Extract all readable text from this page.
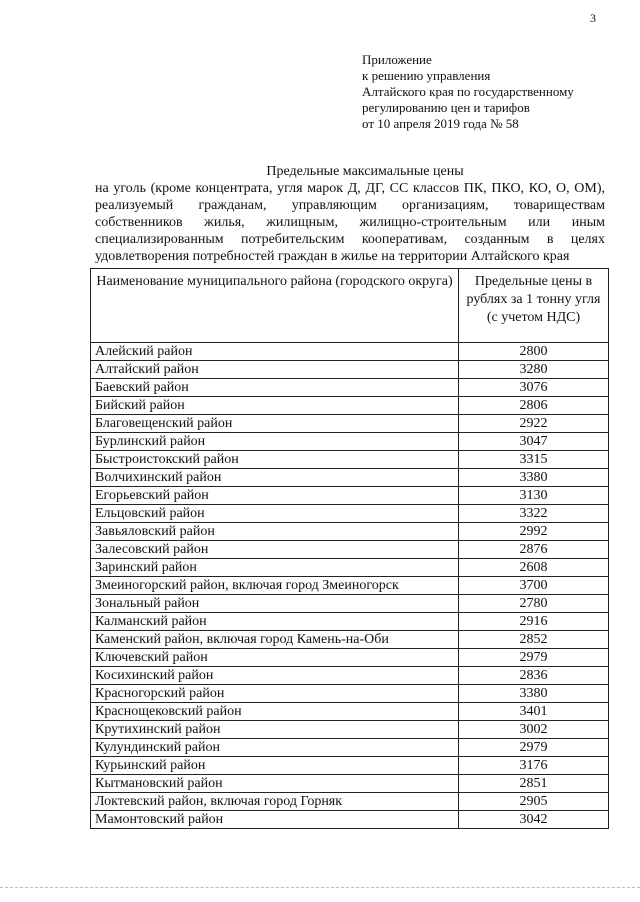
3
Приложение
к решению управления
Алтайского края по государственному
регулированию цен и тарифов
от 10 апреля 2019 года № 58
Предельные максимальные цены
на уголь (кроме концентрата, угля марок Д, ДГ, СС классов ПК, ПКО, КО, О, ОМ), реализуемый гражданам, управляющим организациям, товариществам собственников жилья, жилищным, жилищно-строительным или иным специализированным потребительским кооперативам, созданным в целях удовлетворения потребностей граждан в жилье на территории Алтайского края
Наименование муниципального района (городского округа)	Предельные цены в рублях за 1 тонну угля (с учетом НДС)
Алейский район	2800
Алтайский район	3280
Баевский район	3076
Бийский район	2806
Благовещенский район	2922
Бурлинский район	3047
Быстроистокский район	3315
Волчихинский район	3380
Егорьевский район	3130
Ельцовский район	3322
Завьяловский район	2992
Залесовский район	2876
Заринский район	2608
Змеиногорский район, включая город Змеиногорск	3700
Зональный район	2780
Калманский район	2916
Каменский район, включая город Камень-на-Оби	2852
Ключевский район	2979
Косихинский район	2836
Красногорский район	3380
Краснощековский район	3401
Крутихинский район	3002
Кулундинский район	2979
Курьинский район	3176
Кытмановский район	2851
Локтевский район, включая город Горняк	2905
Мамонтовский район	3042
